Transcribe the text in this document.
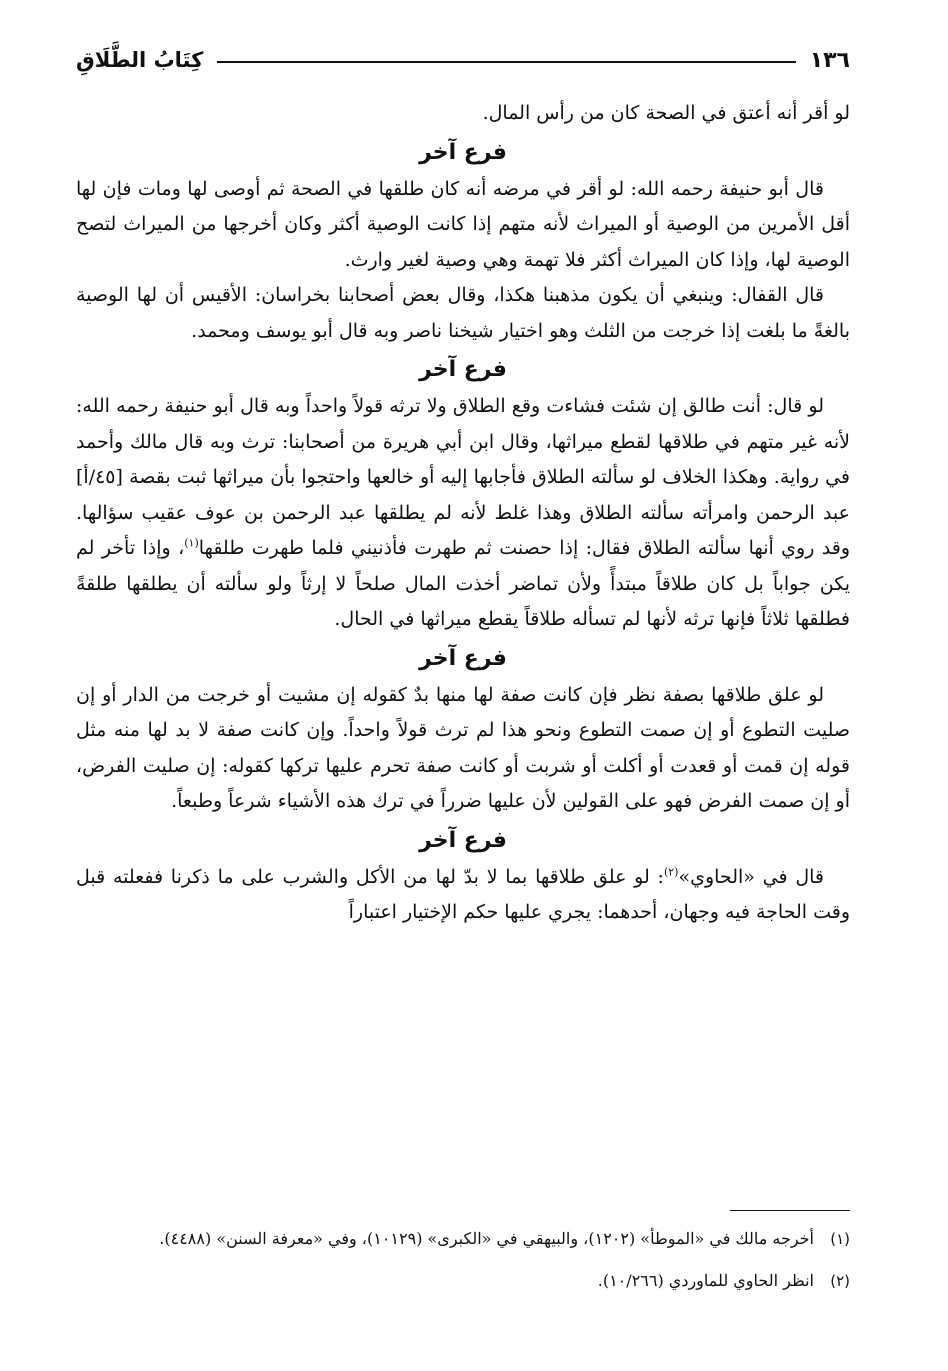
١٣٦
كِتَابُ الطَّلَاقِ

لو أقر أنه أعتق في الصحة كان من رأس المال.

فرع آخر

قال أبو حنيفة رحمه الله: لو أقر في مرضه أنه كان طلقها في الصحة ثم أوصى لها ومات فإن لها أقل الأمرين من الوصية أو الميراث لأنه متهم إذا كانت الوصية أكثر وكان أخرجها من الميراث لتصح الوصية لها، وإذا كان الميراث أكثر فلا تهمة وهي وصية لغير وارث.

قال القفال: وينبغي أن يكون مذهبنا هكذا، وقال بعض أصحابنا بخراسان: الأقيس أن لها الوصية بالغةً ما بلغت إذا خرجت من الثلث وهو اختيار شيخنا ناصر وبه قال أبو يوسف ومحمد.

فرع آخر

لو قال: أنت طالق إن شئت فشاءت وقع الطلاق ولا ترثه قولاً واحداً وبه قال أبو حنيفة رحمه الله: لأنه غير متهم في طلاقها لقطع ميراثها، وقال ابن أبي هريرة من أصحابنا: ترث وبه قال مالك وأحمد في رواية. وهكذا الخلاف لو سألته الطلاق فأجابها إليه أو خالعها واحتجوا بأن ميراثها ثبت بقصة [٤٥/أ] عبد الرحمن وامرأته سألته الطلاق وهذا غلط لأنه لم يطلقها عبد الرحمن بن عوف عقيب سؤالها. وقد روي أنها سألته الطلاق فقال: إذا حصنت ثم طهرت فأذنيني فلما طهرت طلقها$^{(١)}$، وإذا تأخر لم يكن جواباً بل كان طلاقاً مبتدأً ولأن تماضر أخذت المال صلحاً لا إرثاً ولو سألته أن يطلقها طلقةً فطلقها ثلاثاً فإنها ترثه لأنها لم تسأله طلاقاً يقطع ميراثها في الحال.

فرع آخر

لو علق طلاقها بصفة نظر فإن كانت صفة لها منها بدٌ كقوله إن مشيت أو خرجت من الدار أو إن صليت التطوع أو إن صمت التطوع ونحو هذا لم ترث قولاً واحداً. وإن كانت صفة لا بد لها منه مثل قوله إن قمت أو قعدت أو أكلت أو شربت أو كانت صفة تحرم عليها تركها كقوله: إن صليت الفرض، أو إن صمت الفرض فهو على القولين لأن عليها ضرراً في ترك هذه الأشياء شرعاً وطبعاً.

فرع آخر

قال في «الحاوي»$^{(٢)}$: لو علق طلاقها بما لا بدّ لها من الأكل والشرب على ما ذكرنا ففعلته قبل وقت الحاجة فيه وجهان، أحدهما: يجري عليها حكم الإختيار اعتباراً

(١)
أخرجه مالك في «الموطأ» (١٢٠٢)، والبيهقي في «الكبرى» (١٠١٢٩)، وفي «معرفة السنن» (٤٤٨٨).
(٢)
انظر الحاوي للماوردي (١٠/٢٦٦).
